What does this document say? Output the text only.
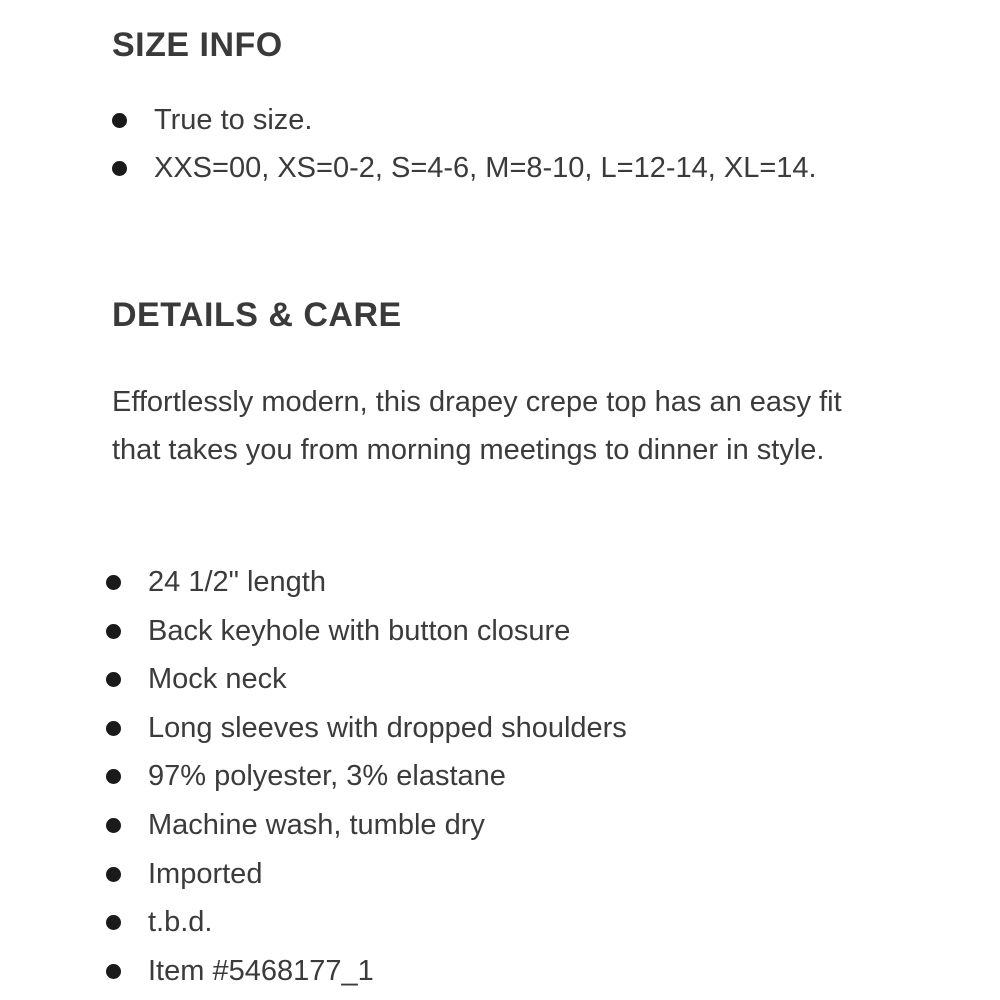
SIZE INFO
True to size.
XXS=00, XS=0-2, S=4-6, M=8-10, L=12-14, XL=14.
DETAILS & CARE

Effortlessly modern, this drapey crepe top has an easy fit that takes you from morning meetings to dinner in style.

24 1/2" length
Back keyhole with button closure
Mock neck
Long sleeves with dropped shoulders
97% polyester, 3% elastane
Machine wash, tumble dry
Imported
t.b.d.
Item #5468177_1
